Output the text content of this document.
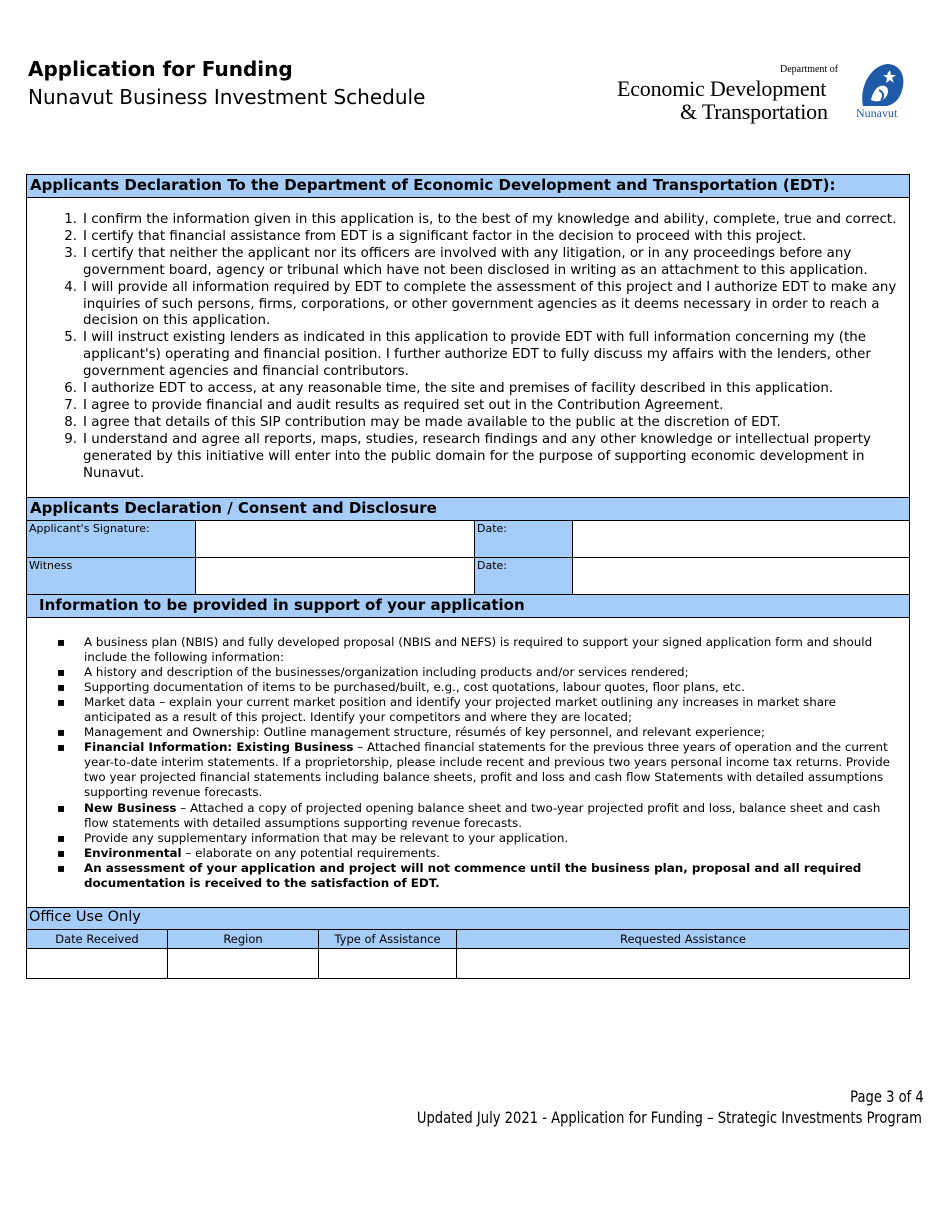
Application for Funding
Nunavut Business Investment Schedule
Department of
Economic Development
& Transportation Nunavut
Applicants Declaration To the Department of Economic Development and Transportation (EDT):
1. I confirm the information given in this application is, to the best of my knowledge and ability, complete, true and correct.
2. I certify that financial assistance from EDT is a significant factor in the decision to proceed with this project.
3. I certify that neither the applicant nor its officers are involved with any litigation, or in any proceedings before any government board, agency or tribunal which have not been disclosed in writing as an attachment to this application.
4. I will provide all information required by EDT to complete the assessment of this project and I authorize EDT to make any inquiries of such persons, firms, corporations, or other government agencies as it deems necessary in order to reach a decision on this application.
5. I will instruct existing lenders as indicated in this application to provide EDT with full information concerning my (the applicant's) operating and financial position. I further authorize EDT to fully discuss my affairs with the lenders, other government agencies and financial contributors.
6. I authorize EDT to access, at any reasonable time, the site and premises of facility described in this application.
7. I agree to provide financial and audit results as required set out in the Contribution Agreement.
8. I agree that details of this SIP contribution may be made available to the public at the discretion of EDT.
9. I understand and agree all reports, maps, studies, research findings and any other knowledge or intellectual property generated by this initiative will enter into the public domain for the purpose of supporting economic development in Nunavut.
Applicants Declaration / Consent and Disclosure
Applicant's Signature:	Date:
Witness	Date:
Information to be provided in support of your application
▪ A business plan (NBIS) and fully developed proposal (NBIS and NEFS) is required to support your signed application form and should include the following information:
▪ A history and description of the businesses/organization including products and/or services rendered;
▪ Supporting documentation of items to be purchased/built, e.g., cost quotations, labour quotes, floor plans, etc.
▪ Market data – explain your current market position and identify your projected market outlining any increases in market share anticipated as a result of this project. Identify your competitors and where they are located;
▪ Management and Ownership: Outline management structure, résumés of key personnel, and relevant experience;
▪ Financial Information: Existing Business – Attached financial statements for the previous three years of operation and the current year-to-date interim statements. If a proprietorship, please include recent and previous two years personal income tax returns. Provide two year projected financial statements including balance sheets, profit and loss and cash flow Statements with detailed assumptions supporting revenue forecasts.
▪ New Business – Attached a copy of projected opening balance sheet and two-year projected profit and loss, balance sheet and cash flow statements with detailed assumptions supporting revenue forecasts.
▪ Provide any supplementary information that may be relevant to your application.
▪ Environmental – elaborate on any potential requirements.
▪ An assessment of your application and project will not commence until the business plan, proposal and all required documentation is received to the satisfaction of EDT.
Office Use Only
Date Received	Region	Type of Assistance	Requested Assistance
Page 3 of 4
Updated July 2021 - Application for Funding – Strategic Investments Program
